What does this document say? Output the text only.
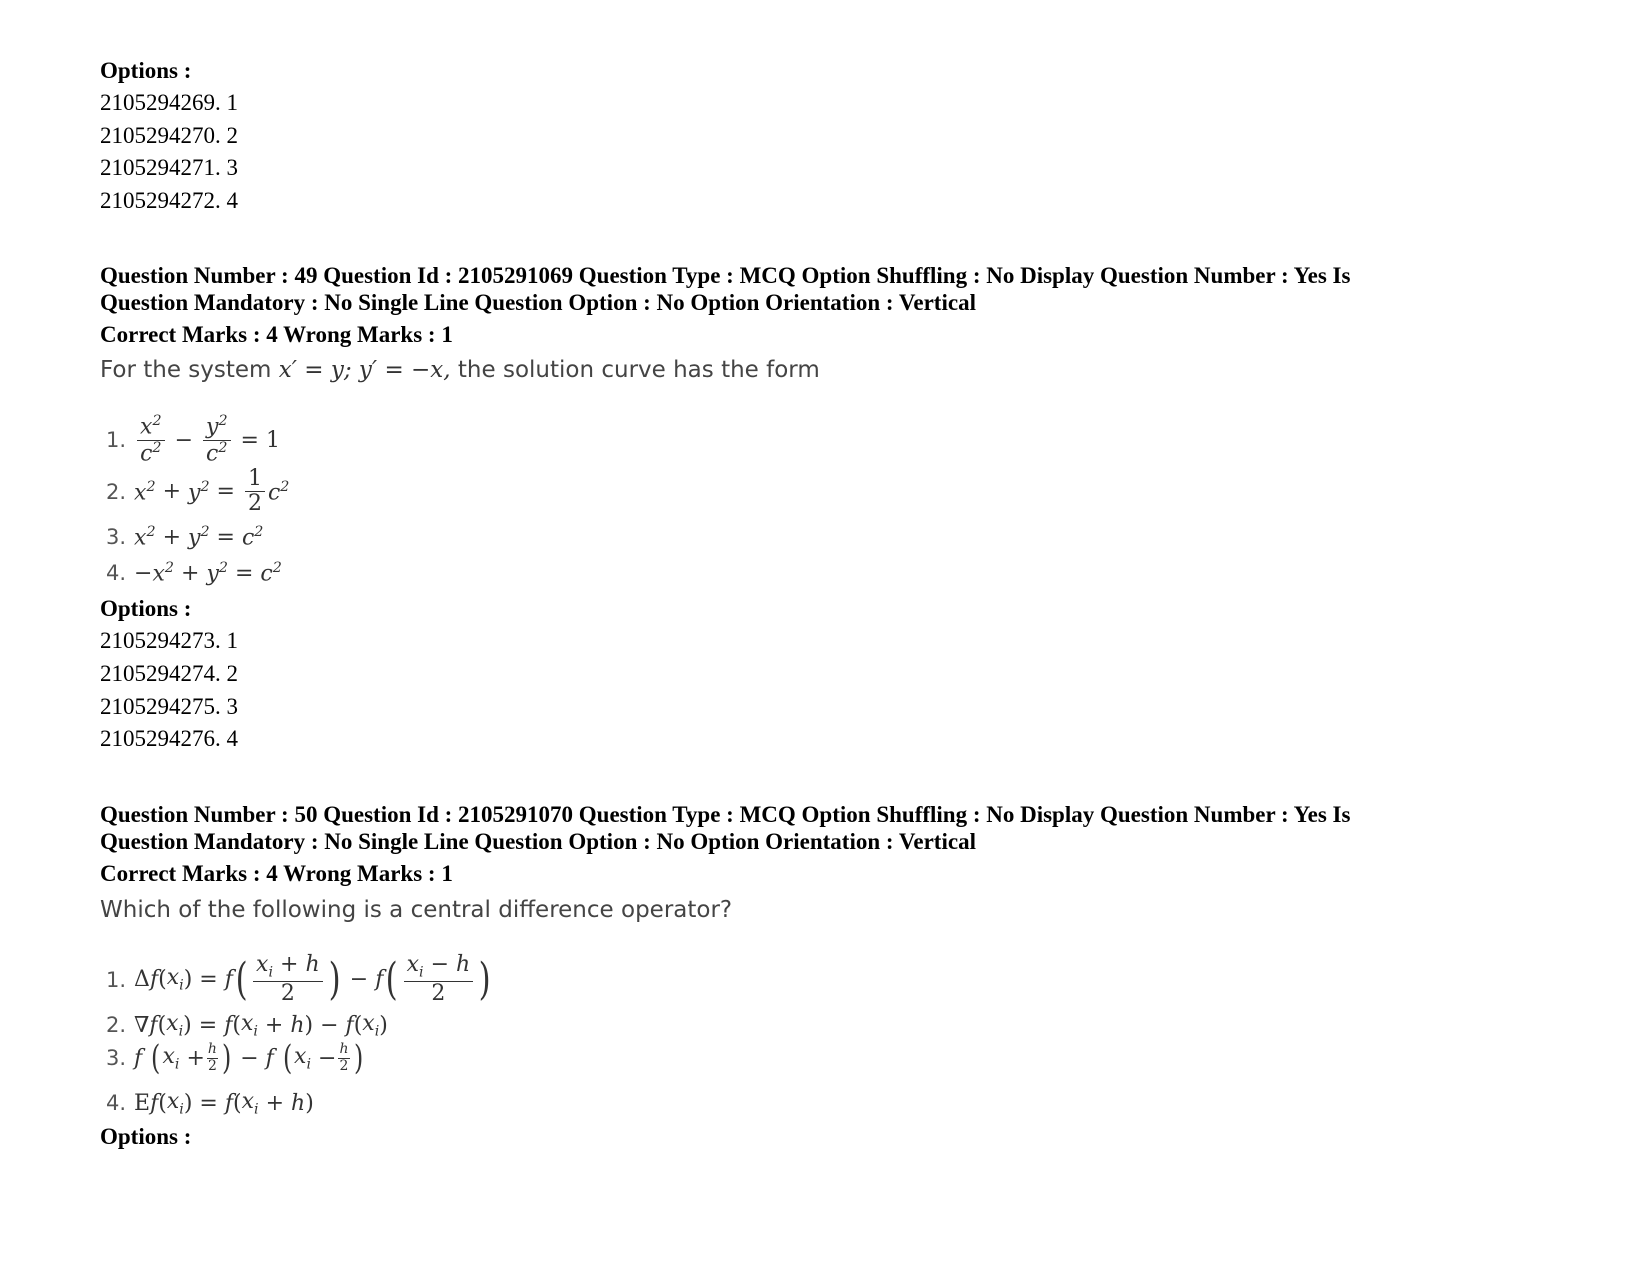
Options :
2105294269. 1
2105294270. 2
2105294271. 3
2105294272. 4
Question Number : 49 Question Id : 2105291069 Question Type : MCQ Option Shuffling : No Display Question Number : Yes Is
Question Mandatory : No Single Line Question Option : No Option Orientation : Vertical
Correct Marks : 4 Wrong Marks : 1
For the system x′ = y; y′ = −x, the solution curve has the form
1. $\frac{x^2}{c^2} - \frac{y^2}{c^2} = 1$
2. $x^2 + y^2 = \frac{1}{2} c^2$
3. $x^2 + y^2 = c^2$
4. − $x^2 + y^2 = c^2$
Options :
2105294273. 1
2105294274. 2
2105294275. 3
2105294276. 4
Question Number : 50 Question Id : 2105291070 Question Type : MCQ Option Shuffling : No Display Question Number : Yes Is
Question Mandatory : No Single Line Question Option : No Option Orientation : Vertical
Correct Marks : 4 Wrong Marks : 1
Which of the following is a central difference operator?
1. Δ f ( $x_i$ ) = f ( $\frac{x_i + h}{2}$ ) − f ( $\frac{x_i - h}{2}$ )
2. ∇ f ( $x_i$ ) = f ( $x_i + h$ ) − f ( $x_i$ )
3. f
( $x_i + \frac{h}{2}$ ) − f
( $x_i - \frac{h}{2}$ )
4. E f ( $x_i$ ) = f ( $x_i + h$ )
Options :
